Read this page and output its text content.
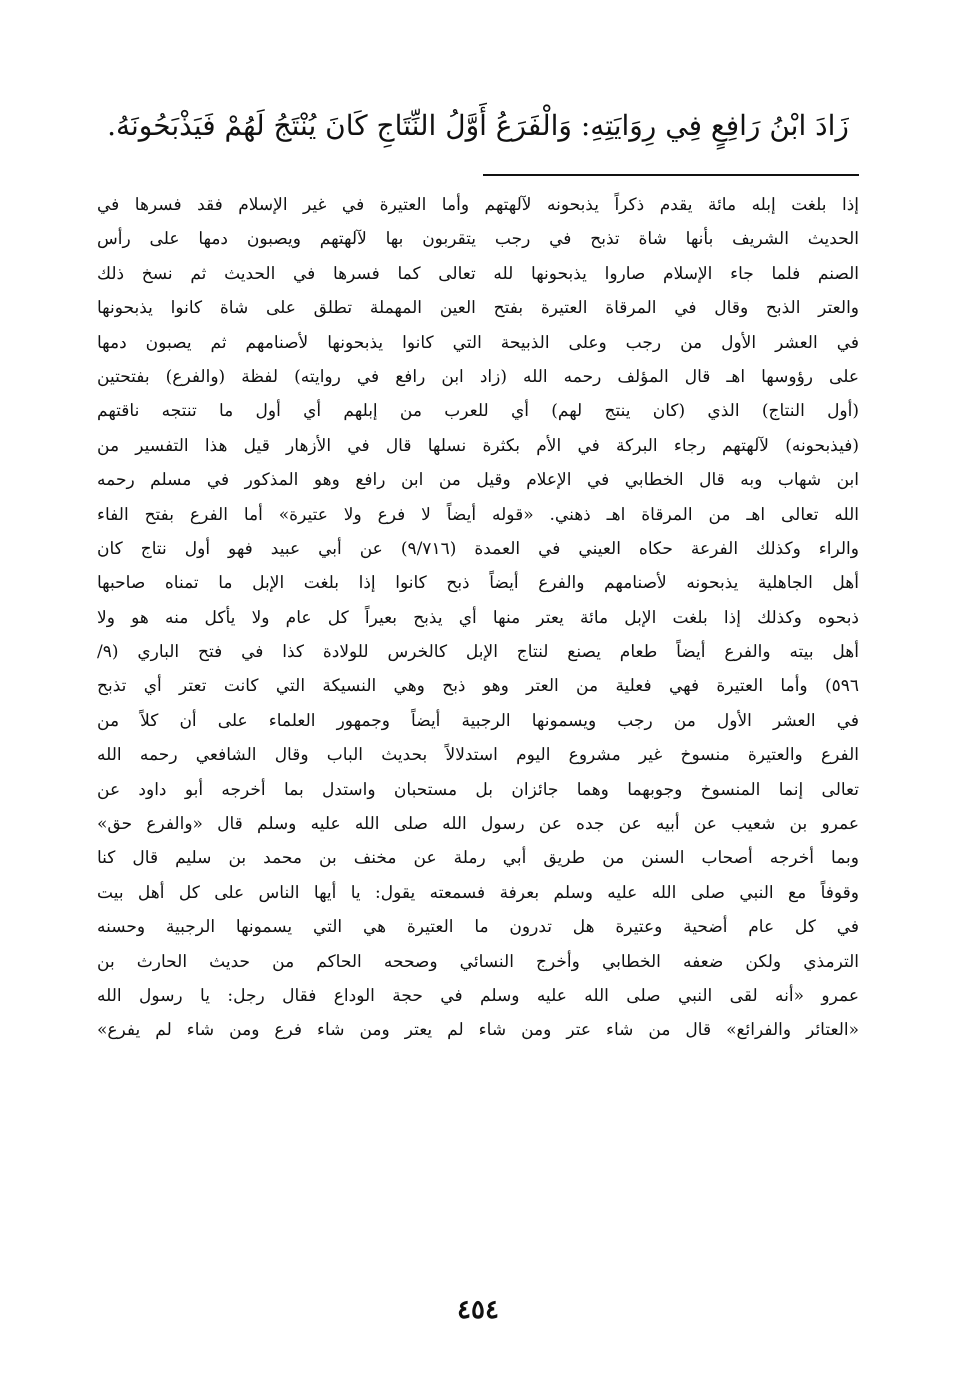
زَادَ ابْنُ رَافِعٍ فِي رِوَايَتِهِ: وَالْفَرَعُ أَوَّلُ النِّتَاجِ كَانَ يُنْتَجُ لَهُمْ فَيَذْبَحُونَهُ.
إذا بلغت إبله مائة يقدم ذكراً يذبحونه لآلهتهم وأما العتيرة في غير الإسلام فقد فسرها في
الحديث الشريف بأنها شاة تذبح في رجب يتقربون بها لآلهتهم ويصبون دمها على رأس
الصنم فلما جاء الإسلام صاروا يذبحونها لله تعالى كما فسرها في الحديث ثم نسخ ذلك
والعتر الذبح وقال في المرقاة العتيرة بفتح العين المهملة تطلق على شاة كانوا يذبحونها
في العشر الأول من رجب وعلى الذبيحة التي كانوا يذبحونها لأصنامهم ثم يصبون دمها
على رؤوسها اهـ قال المؤلف رحمه الله (زاد ابن رافع في روايته) لفظة (والفرع) بفتحتين
(أول النتاج) الذي (كان ينتج لهم) أي للعرب من إبلهم أي أول ما تنتجه ناقتهم
(فيذبحونه) لآلهتهم رجاء البركة في الأم بكثرة نسلها قال في الأزهار قيل هذا التفسير من
ابن شهاب وبه قال الخطابي في الإعلام وقيل من ابن رافع وهو المذكور في مسلم رحمه
الله تعالى اهـ من المرقاة اهـ ذهني. «قوله أيضاً لا فرع ولا عتيرة» أما الفرع بفتح الفاء
والراء وكذلك الفرعة حكاه العيني في العمدة (٩/٧١٦) عن أبي عبيد فهو أول نتاج كان
أهل الجاهلية يذبحونه لأصنامهم والفرع أيضاً ذبح كانوا إذا بلغت الإبل ما تمناه صاحبها
ذبحوه وكذلك إذا بلغت الإبل مائة يعتر منها أي يذبح بعيراً كل عام ولا يأكل منه هو ولا
أهل بيته والفرع أيضاً طعام يصنع لنتاج الإبل كالخرس للولادة كذا في فتح الباري (٩/
٥٩٦) وأما العتيرة فهي فعلية من العتر وهو ذبح وهي النسيكة التي كانت تعتر أي تذبح
في العشر الأول من رجب ويسمونها الرجبية أيضاً وجمهور العلماء على أن كلاً من
الفرع والعتيرة منسوخ غير مشروع اليوم استدلالاً بحديث الباب وقال الشافعي رحمه الله
تعالى إنما المنسوخ وجوبهما وهما جائزان بل مستحبان واستدل بما أخرجه أبو داود عن
عمرو بن شعيب عن أبيه عن جده عن رسول الله صلى الله عليه وسلم قال «والفرع حق»
وبما أخرجه أصحاب السنن من طريق أبي رملة عن مخنف بن محمد بن سليم قال كنا
وقوفاً مع النبي صلى الله عليه وسلم بعرفة فسمعته يقول: يا أيها الناس على كل أهل بيت
في كل عام أضحية وعتيرة هل تدرون ما العتيرة هي التي يسمونها الرجبية وحسنه
الترمذي ولكن ضعفه الخطابي وأخرج النسائي وصححه الحاكم من حديث الحارث بن
عمرو «أنه لقى النبي صلى الله عليه وسلم في حجة الوداع فقال رجل: يا رسول الله
«العتائر والفرائع» قال من شاء عتر ومن شاء لم يعتر ومن شاء فرع ومن شاء لم يفرع»
٤٥٤
